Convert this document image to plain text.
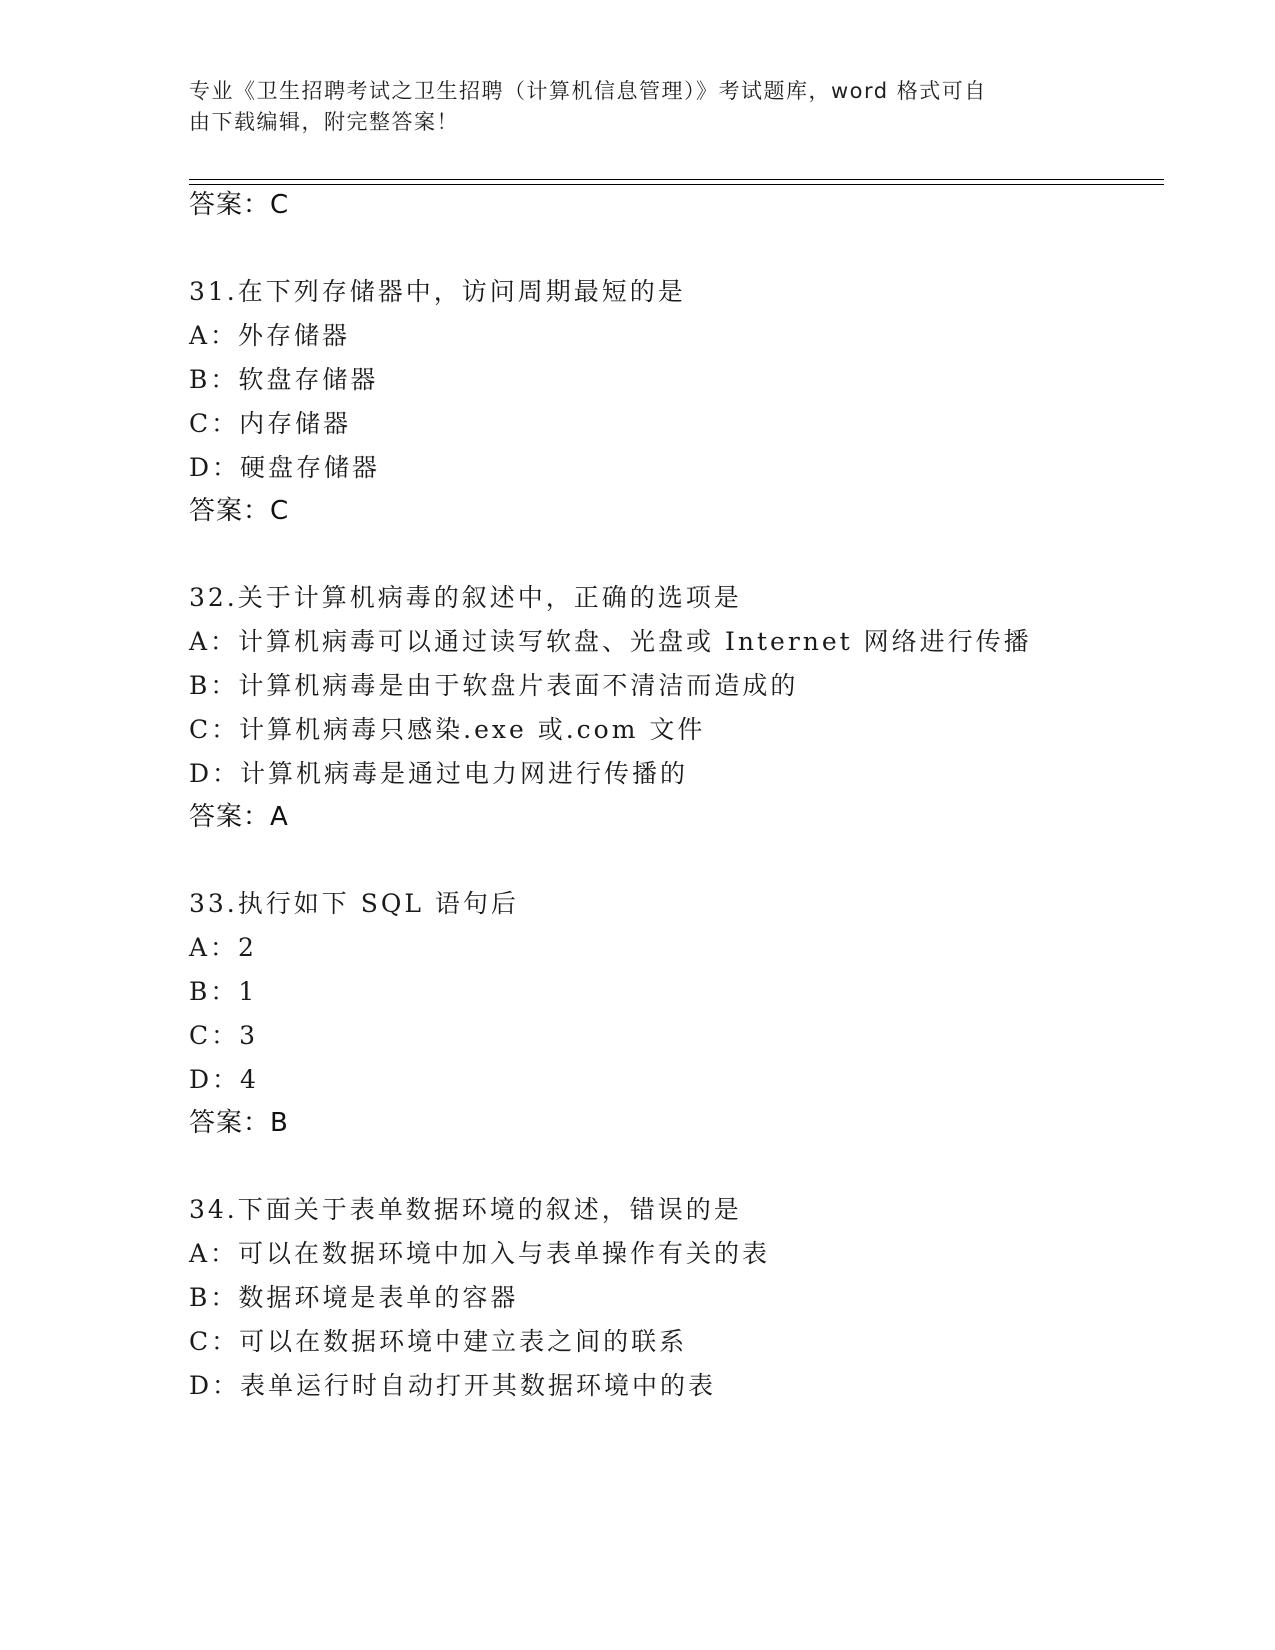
专业《卫生招聘考试之卫生招聘（计算机信息管理）》考试题库，word 格式可自
由下载编辑，附完整答案！
答案：C
31.在下列存储器中，访问周期最短的是
A：外存储器
B：软盘存储器
C：内存储器
D：硬盘存储器
答案：C
32.关于计算机病毒的叙述中，正确的选项是
A：计算机病毒可以通过读写软盘、光盘或 Internet 网络进行传播
B：计算机病毒是由于软盘片表面不清洁而造成的
C：计算机病毒只感染.exe 或.com 文件
D：计算机病毒是通过电力网进行传播的
答案：A
33.执行如下 SQL 语句后
A：2
B：1
C：3
D：4
答案：B
34.下面关于表单数据环境的叙述，错误的是
A：可以在数据环境中加入与表单操作有关的表
B：数据环境是表单的容器
C：可以在数据环境中建立表之间的联系
D：表单运行时自动打开其数据环境中的表
